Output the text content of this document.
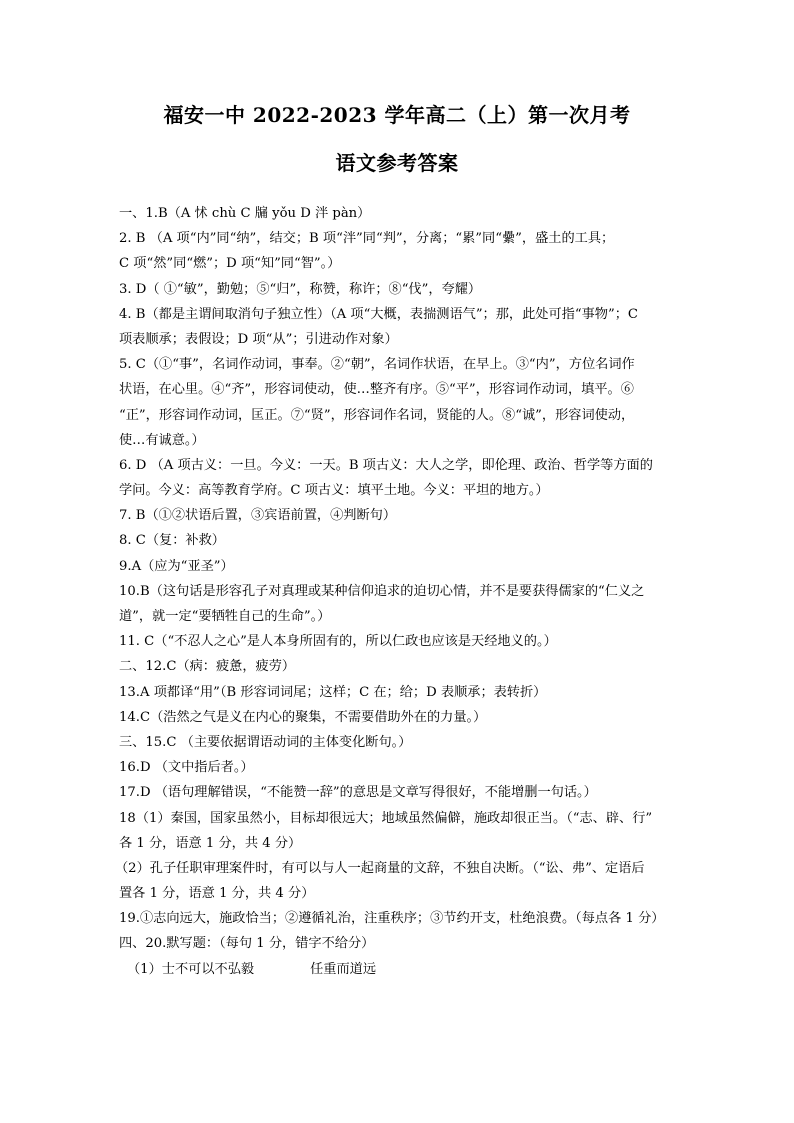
福安一中 2022-2023 学年高二（上）第一次月考
语文参考答案
一、1.B（A 怵 chù C 牖 yǒu D 泮 pàn）
2. B （A 项“内”同“纳”，结交；B 项“泮”同“判”，分离；“累”同“纍”，盛土的工具；
C 项“然”同“燃”；D 项“知”同“智”。）
3. D（ ①“敏”，勤勉；⑤“归”，称赞，称许；⑧“伐”，夸耀）
4. B（都是主谓间取消句子独立性）（A 项“大概，表揣测语气”；那，此处可指“事物”；C
项表顺承；表假设；D 项“从”；引进动作对象）
5. C（①“事”，名词作动词，事奉。②“朝”，名词作状语，在早上。③“内”，方位名词作
状语，在心里。④“齐”，形容词使动，使…整齐有序。⑤“平”，形容词作动词，填平。⑥
“正”，形容词作动词，匡正。⑦“贤”，形容词作名词，贤能的人。⑧“诚”，形容词使动，
使…有诚意。）
6. D （A 项古义：一旦。今义：一天。B 项古义：大人之学，即伦理、政治、哲学等方面的
学问。今义：高等教育学府。C 项古义：填平土地。今义：平坦的地方。）
7. B（①②状语后置，③宾语前置，④判断句）
8. C（复：补救）
9.A（应为“亚圣”）
10.B（这句话是形容孔子对真理或某种信仰追求的迫切心情，并不是要获得儒家的“仁义之
道”，就一定“要牺牲自己的生命”。）
11. C（“不忍人之心”是人本身所固有的，所以仁政也应该是天经地义的。）
二、12.C（病：疲惫，疲劳）
13.A 项都译“用”（B 形容词词尾；这样；C 在；给；D 表顺承；表转折）
14.C（浩然之气是义在内心的聚集，不需要借助外在的力量。）
三、15.C （主要依据谓语动词的主体变化断句。）
16.D （文中指后者。）
17.D （语句理解错误，“不能赞一辞”的意思是文章写得很好，不能增删一句话。）
18（1）秦国，国家虽然小，目标却很远大；地域虽然偏僻，施政却很正当。（“志、辟、行”
各 1 分，语意 1 分，共 4 分）
（2）孔子任职审理案件时，有可以与人一起商量的文辞，不独自决断。（“讼、弗”、定语后
置各 1 分，语意 1 分，共 4 分）
19.①志向远大，施政恰当；②遵循礼治，注重秩序；③节约开支，杜绝浪费。（每点各 1 分）
四、20.默写题：（每句 1 分，错字不给分）
（1）士不可以不弘毅	任重而道远
